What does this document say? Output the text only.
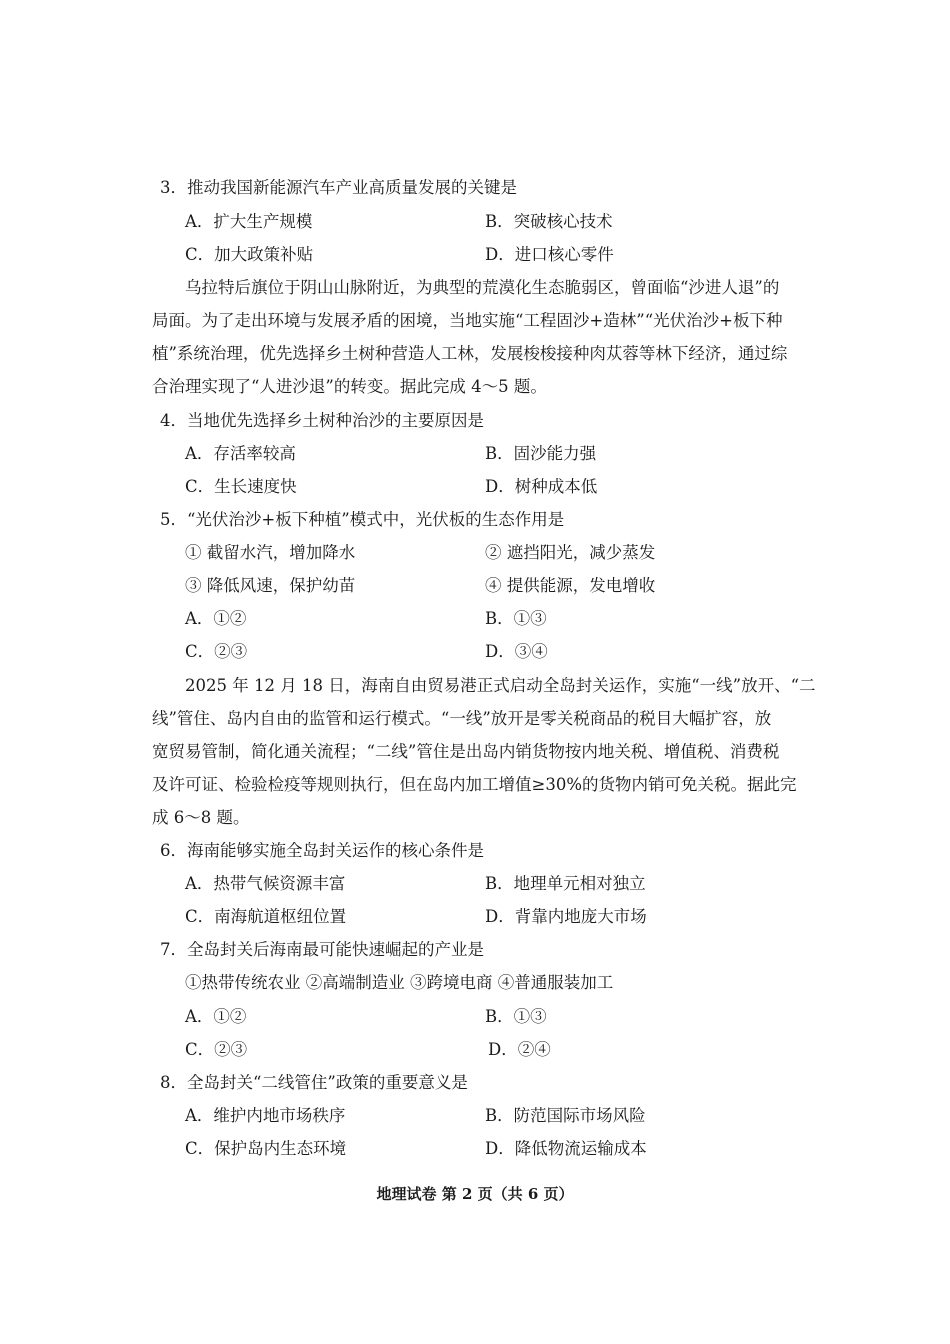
3．推动我国新能源汽车产业高质量发展的关键是
A．扩大生产规模	B．突破核心技术
C．加大政策补贴	D．进口核心零件
乌拉特后旗位于阴山山脉附近，为典型的荒漠化生态脆弱区，曾面临“沙进人退”的
局面。为了走出环境与发展矛盾的困境，当地实施“工程固沙+造林”“光伏治沙+板下种
植”系统治理，优先选择乡土树种营造人工林，发展梭梭接种肉苁蓉等林下经济，通过综
合治理实现了“人进沙退”的转变。据此完成 4～5 题。
4．当地优先选择乡土树种治沙的主要原因是
A．存活率较高	B．固沙能力强
C．生长速度快	D．树种成本低
5．“光伏治沙+板下种植”模式中，光伏板的生态作用是
① 截留水汽，增加降水	② 遮挡阳光，减少蒸发
③ 降低风速，保护幼苗	④ 提供能源，发电增收
A．①②	B．①③
C．②③	D．③④
2025 年 12 月 18 日，海南自由贸易港正式启动全岛封关运作，实施“一线”放开、“二
线”管住、岛内自由的监管和运行模式。“一线”放开是零关税商品的税目大幅扩容，放
宽贸易管制，简化通关流程；“二线”管住是出岛内销货物按内地关税、增值税、消费税
及许可证、检验检疫等规则执行，但在岛内加工增值≥30%的货物内销可免关税。据此完
成 6～8 题。
6．海南能够实施全岛封关运作的核心条件是
A．热带气候资源丰富	B．地理单元相对独立
C．南海航道枢纽位置	D．背靠内地庞大市场
7．全岛封关后海南最可能快速崛起的产业是
①热带传统农业 ②高端制造业 ③跨境电商 ④普通服装加工
A．①②	B．①③
C．②③	D．②④
8．全岛封关“二线管住”政策的重要意义是
A．维护内地市场秩序	B．防范国际市场风险
C．保护岛内生态环境	D．降低物流运输成本
地理试卷 第 2 页（共 6 页）
